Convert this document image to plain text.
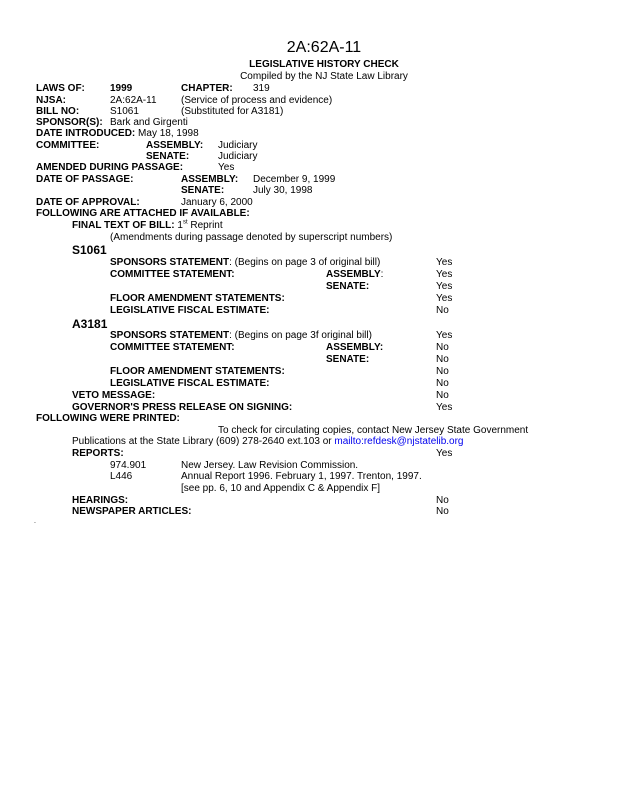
2A:62A-11
LEGISLATIVE HISTORY CHECK
Compiled by the NJ State Law Library
LAWS OF:	1999	CHAPTER: 319
NJSA:	2A:62A-11 (Service of process and evidence)
BILL NO:	S1061	(Substituted for A3181)
SPONSOR(S): Bark and Girgenti
DATE INTRODUCED: May 18, 1998
COMMITTEE:	ASSEMBLY: Judiciary
SENATE:	Judiciary
AMENDED DURING PASSAGE:	Yes
DATE OF PASSAGE:	ASSEMBLY: December 9, 1999
SENATE:	July 30, 1998
DATE OF APPROVAL:	January 6, 2000
FOLLOWING ARE ATTACHED IF AVAILABLE:
FINAL TEXT OF BILL: 1st Reprint
(Amendments during passage denoted by superscript numbers)
S1061
SPONSORS STATEMENT: (Begins on page 3 of original bill)	Yes
COMMITTEE STATEMENT:	ASSEMBLY:	Yes
SENATE:	Yes
FLOOR AMENDMENT STATEMENTS:	Yes
LEGISLATIVE FISCAL ESTIMATE:	No
A3181
SPONSORS STATEMENT: (Begins on page 3f original bill)	Yes
COMMITTEE STATEMENT:	ASSEMBLY:	No
SENATE:	No
FLOOR AMENDMENT STATEMENTS:	No
LEGISLATIVE FISCAL ESTIMATE:	No
VETO MESSAGE:	No
GOVERNOR'S PRESS RELEASE ON SIGNING:	Yes
FOLLOWING WERE PRINTED:
To check for circulating copies, contact New Jersey State Government
Publications at the State Library (609) 278-2640 ext.103 or mailto:refdesk@njstatelib.org
REPORTS:	Yes
974.901	New Jersey. Law Revision Commission.
L446	Annual Report 1996. February 1, 1997. Trenton, 1997.
[see pp. 6, 10 and Appendix C & Appendix F]
HEARINGS:	No
NEWSPAPER ARTICLES:	No
.
